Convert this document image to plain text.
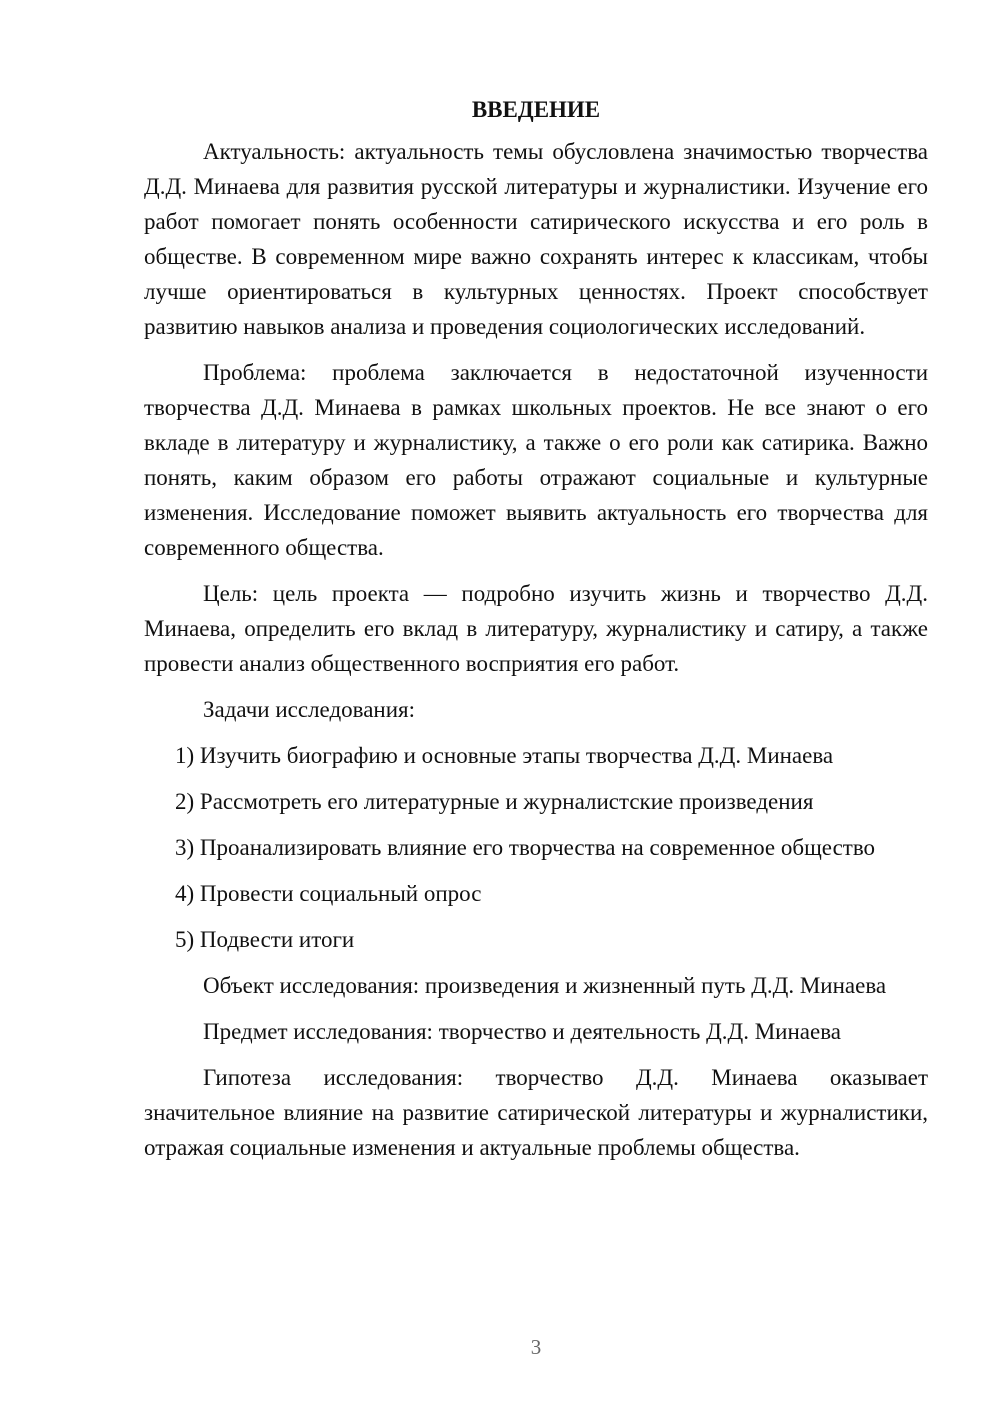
ВВЕДЕНИЕ

Актуальность: актуальность темы обусловлена значимостью творчества Д.Д. Минаева для развития русской литературы и журналистики. Изучение его работ помогает понять особенности сатирического искусства и его роль в обществе. В современном мире важно сохранять интерес к классикам, чтобы лучше ориентироваться в культурных ценностях. Проект способствует развитию навыков анализа и проведения социологических исследований.

Проблема: проблема заключается в недостаточной изученности творчества Д.Д. Минаева в рамках школьных проектов. Не все знают о его вкладе в литературу и журналистику, а также о его роли как сатирика. Важно понять, каким образом его работы отражают социальные и культурные изменения. Исследование поможет выявить актуальность его творчества для современного общества.

Цель: цель проекта — подробно изучить жизнь и творчество Д.Д. Минаева, определить его вклад в литературу, журналистику и сатиру, а также провести анализ общественного восприятия его работ.

Задачи исследования:

1) Изучить биографию и основные этапы творчества Д.Д. Минаева

2) Рассмотреть его литературные и журналистские произведения

3) Проанализировать влияние его творчества на современное общество

4) Провести социальный опрос

5) Подвести итоги

Объект исследования: произведения и жизненный путь Д.Д. Минаева

Предмет исследования: творчество и деятельность Д.Д. Минаева

Гипотеза исследования: творчество Д.Д. Минаева оказывает значительное влияние на развитие сатирической литературы и журналистики, отражая социальные изменения и актуальные проблемы общества.

3
